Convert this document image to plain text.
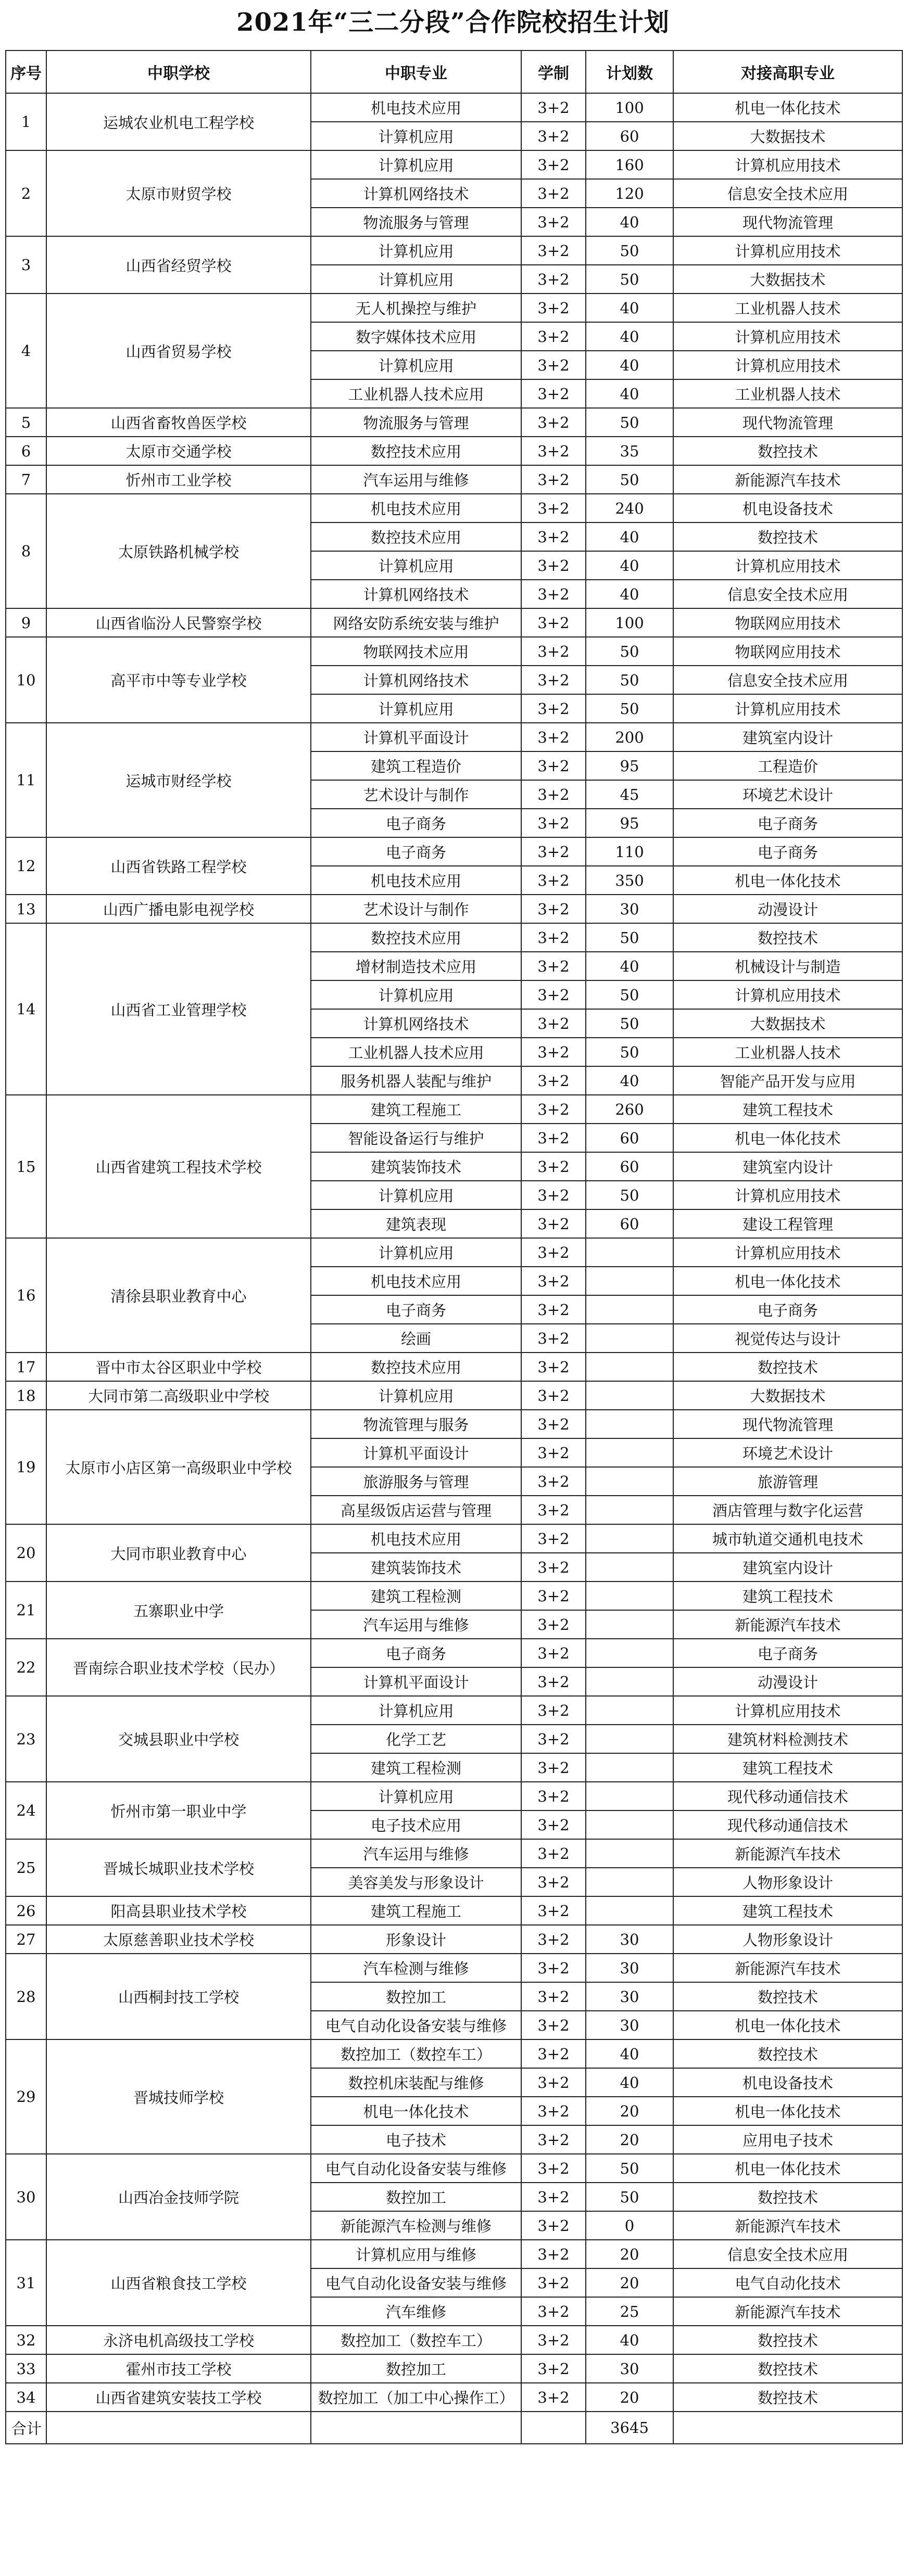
2021年“三二分段”合作院校招生计划
序号	中职学校	中职专业	学制	计划数	对接高职专业
1	运城农业机电工程学校	机电技术应用	3+2	100	机电一体化技术
		计算机应用	3+2	60	大数据技术
2	太原市财贸学校	计算机应用	3+2	160	计算机应用技术
		计算机网络技术	3+2	120	信息安全技术应用
		物流服务与管理	3+2	40	现代物流管理
3	山西省经贸学校	计算机应用	3+2	50	计算机应用技术
		计算机应用	3+2	50	大数据技术
4	山西省贸易学校	无人机操控与维护	3+2	40	工业机器人技术
		数字媒体技术应用	3+2	40	计算机应用技术
		计算机应用	3+2	40	计算机应用技术
		工业机器人技术应用	3+2	40	工业机器人技术
5	山西省畜牧兽医学校	物流服务与管理	3+2	50	现代物流管理
6	太原市交通学校	数控技术应用	3+2	35	数控技术
7	忻州市工业学校	汽车运用与维修	3+2	50	新能源汽车技术
8	太原铁路机械学校	机电技术应用	3+2	240	机电设备技术
		数控技术应用	3+2	40	数控技术
		计算机应用	3+2	40	计算机应用技术
		计算机网络技术	3+2	40	信息安全技术应用
9	山西省临汾人民警察学校	网络安防系统安装与维护	3+2	100	物联网应用技术
10	高平市中等专业学校	物联网技术应用	3+2	50	物联网应用技术
		计算机网络技术	3+2	50	信息安全技术应用
		计算机应用	3+2	50	计算机应用技术
11	运城市财经学校	计算机平面设计	3+2	200	建筑室内设计
		建筑工程造价	3+2	95	工程造价
		艺术设计与制作	3+2	45	环境艺术设计
		电子商务	3+2	95	电子商务
12	山西省铁路工程学校	电子商务	3+2	110	电子商务
		机电技术应用	3+2	350	机电一体化技术
13	山西广播电影电视学校	艺术设计与制作	3+2	30	动漫设计
14	山西省工业管理学校	数控技术应用	3+2	50	数控技术
		增材制造技术应用	3+2	40	机械设计与制造
		计算机应用	3+2	50	计算机应用技术
		计算机网络技术	3+2	50	大数据技术
		工业机器人技术应用	3+2	50	工业机器人技术
		服务机器人装配与维护	3+2	40	智能产品开发与应用
15	山西省建筑工程技术学校	建筑工程施工	3+2	260	建筑工程技术
		智能设备运行与维护	3+2	60	机电一体化技术
		建筑装饰技术	3+2	60	建筑室内设计
		计算机应用	3+2	50	计算机应用技术
		建筑表现	3+2	60	建设工程管理
16	清徐县职业教育中心	计算机应用	3+2		计算机应用技术
		机电技术应用	3+2		机电一体化技术
		电子商务	3+2		电子商务
		绘画	3+2		视觉传达与设计
17	晋中市太谷区职业中学校	数控技术应用	3+2		数控技术
18	大同市第二高级职业中学校	计算机应用	3+2		大数据技术
19	太原市小店区第一高级职业中学校	物流管理与服务	3+2		现代物流管理
		计算机平面设计	3+2		环境艺术设计
		旅游服务与管理	3+2		旅游管理
		高星级饭店运营与管理	3+2		酒店管理与数字化运营
20	大同市职业教育中心	机电技术应用	3+2		城市轨道交通机电技术
		建筑装饰技术	3+2		建筑室内设计
21	五寨职业中学	建筑工程检测	3+2		建筑工程技术
		汽车运用与维修	3+2		新能源汽车技术
22	晋南综合职业技术学校（民办）	电子商务	3+2		电子商务
		计算机平面设计	3+2		动漫设计
23	交城县职业中学校	计算机应用	3+2		计算机应用技术
		化学工艺	3+2		建筑材料检测技术
		建筑工程检测	3+2		建筑工程技术
24	忻州市第一职业中学	计算机应用	3+2		现代移动通信技术
		电子技术应用	3+2		现代移动通信技术
25	晋城长城职业技术学校	汽车运用与维修	3+2		新能源汽车技术
		美容美发与形象设计	3+2		人物形象设计
26	阳高县职业技术学校	建筑工程施工	3+2		建筑工程技术
27	太原慈善职业技术学校	形象设计	3+2	30	人物形象设计
28	山西桐封技工学校	汽车检测与维修	3+2	30	新能源汽车技术
		数控加工	3+2	30	数控技术
		电气自动化设备安装与维修	3+2	30	机电一体化技术
29	晋城技师学校	数控加工（数控车工）	3+2	40	数控技术
		数控机床装配与维修	3+2	40	机电设备技术
		机电一体化技术	3+2	20	机电一体化技术
		电子技术	3+2	20	应用电子技术
30	山西冶金技师学院	电气自动化设备安装与维修	3+2	50	机电一体化技术
		数控加工	3+2	50	数控技术
		新能源汽车检测与维修	3+2	0	新能源汽车技术
31	山西省粮食技工学校	计算机应用与维修	3+2	20	信息安全技术应用
		电气自动化设备安装与维修	3+2	20	电气自动化技术
		汽车维修	3+2	25	新能源汽车技术
32	永济电机高级技工学校	数控加工（数控车工）	3+2	40	数控技术
33	霍州市技工学校	数控加工	3+2	30	数控技术
34	山西省建筑安装技工学校	数控加工（加工中心操作工）	3+2	20	数控技术
合计				3645	
